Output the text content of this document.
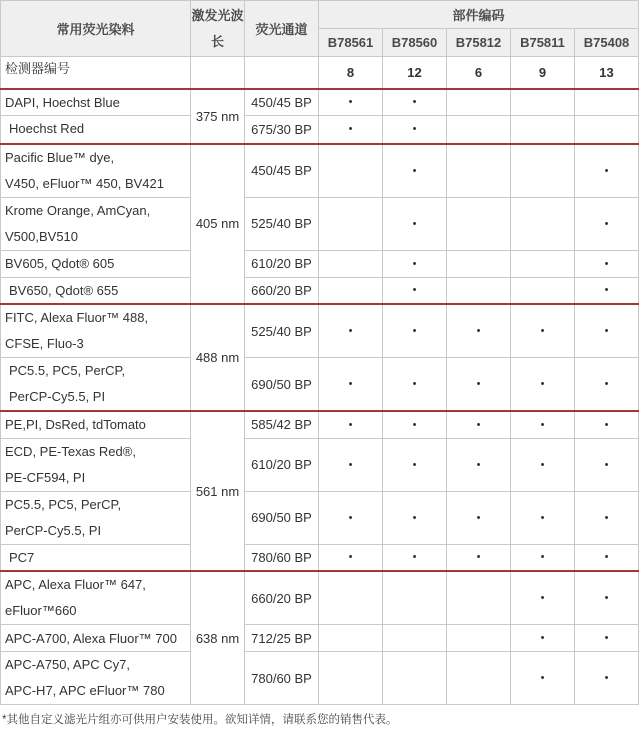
常用荧光染料	激发光波长	荧光通道	部件编码				
			B78561	B78560	B75812	B75811	B75408
检测器编号			8	12	6	9	13

DAPI, Hoechst Blue	375 nm	450/45 BP	•	•			

Hoechst Red		675/30 BP	•	•			

Pacific Blue™ dye,
V450, eFluor™ 450, BV421	405 nm	450/45 BP		•			•

Krome Orange, AmCyan,
V500,BV510		525/40 BP		•			•

BV605, Qdot® 605		610/20 BP		•			•

BV650, Qdot® 655		660/20 BP		•			•

FITC, Alexa Fluor™ 488,
CFSE, Fluo-3	488 nm	525/40 BP	•	•	•	•	•

PC5.5, PC5, PerCP,
PerCP-Cy5.5, PI		690/50 BP	•	•	•	•	•

PE,PI, DsRed, tdTomato	561 nm	585/42 BP	•	•	•	•	•

ECD, PE-Texas Red®,
PE-CF594, PI		610/20 BP	•	•	•	•	•

PC5.5, PC5, PerCP,
PerCP-Cy5.5, PI		690/50 BP	•	•	•	•	•

PC7		780/60 BP	•	•	•	•	•

APC, Alexa Fluor™ 647,
eFluor™660	638 nm	660/20 BP				•	•

APC-A700, Alexa Fluor™ 700		712/25 BP				•	•

APC-A750, APC Cy7,
APC-H7, APC eFluor™ 780		780/60 BP				•	•
*其他自定义滤光片组亦可供用户安装使用。欲知详情，请联系您的销售代表。
